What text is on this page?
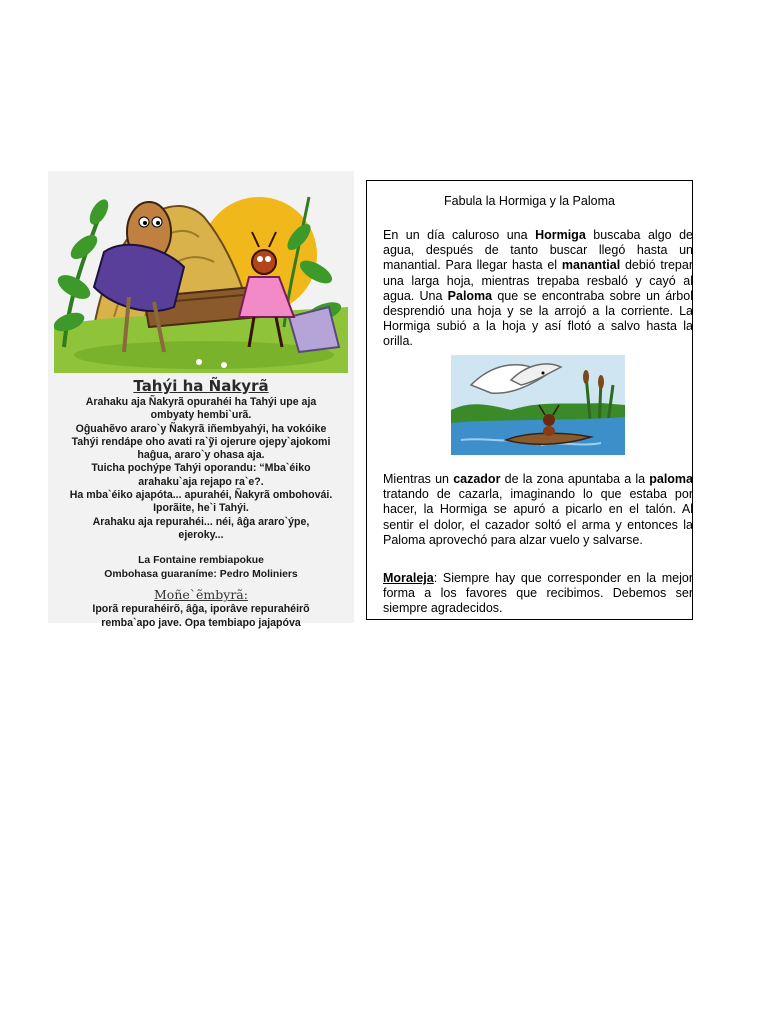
Tahýi ha Ñakyrã
Arahaku aja Ñakyrã opurahéi ha Tahýi upe aja
ombyaty hembi`urã.
Oĝuahẽvo araro`y Ñakyrã iñembyahýi, ha vokóike
Tahýi rendápe oho avati ra`ỹi ojerure ojepy`ajokomi
haĝua, araro`y ohasa aja.
Tuicha pochýpe Tahýi oporandu: “Mba`éiko
arahaku`aja rejapo ra`e?.
Ha mba`éiko ajapóta... apurahéi, Ñakyrã ombohovái.
Iporãite, he`i Tahýi.
Arahaku aja repurahéi... néi, âĝa araro`ýpe,
ejeroky...
La Fontaine rembiapokue
Ombohasa guaraníme: Pedro Moliniers
Moñe`ẽmbyrã:
Iporã repurahéirõ, âĝa, iporâve repurahéirõ
remba`apo jave. Opa tembiapo jajapóva

Fabula la Hormiga y la Paloma

En un día caluroso una Hormiga buscaba algo de agua, después de tanto buscar llegó hasta un manantial. Para llegar hasta el manantial debió trepar una larga hoja, mientras trepaba resbaló y cayó al agua. Una Paloma que se encontraba sobre un árbol desprendió una hoja y se la arrojó a la corriente. La Hormiga subió a la hoja y así flotó a salvo hasta la orilla.

Mientras un cazador de la zona apuntaba a la paloma tratando de cazarla, imaginando lo que estaba por hacer, la Hormiga se apuró a picarlo en el talón. Al sentir el dolor, el cazador soltó el arma y entonces la Paloma aprovechó para alzar vuelo y salvarse.

Moraleja: Siempre hay que corresponder en la mejor forma a los favores que recibimos. Debemos ser siempre agradecidos.
